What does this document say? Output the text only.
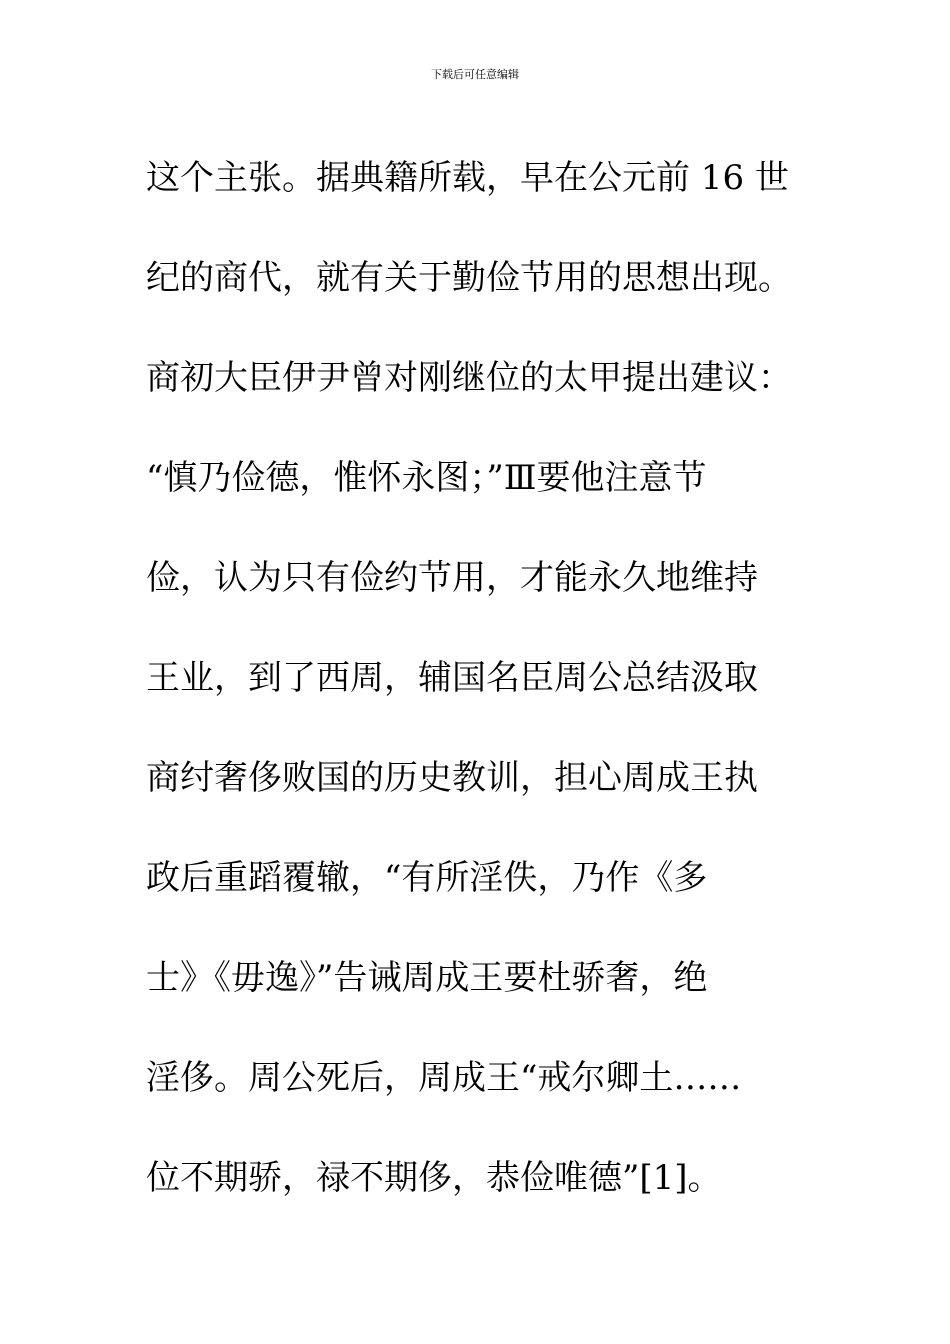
下载后可任意编辑
这个主张。据典籍所载，早在公元前 16 世
纪的商代，就有关于勤俭节用的思想出现。
商初大臣伊尹曾对刚继位的太甲提出建议：
“慎乃俭德，惟怀永图；”Ⅲ要他注意节
俭，认为只有俭约节用，才能永久地维持
王业，到了西周，辅国名臣周公总结汲取
商纣奢侈败国的历史教训，担心周成王执
政后重蹈覆辙，“有所淫佚，乃作《多
士》《毋逸》”告诫周成王要杜骄奢，绝
淫侈。周公死后，周成王“戒尔卿土……
位不期骄，禄不期侈，恭俭唯德”[1]。
